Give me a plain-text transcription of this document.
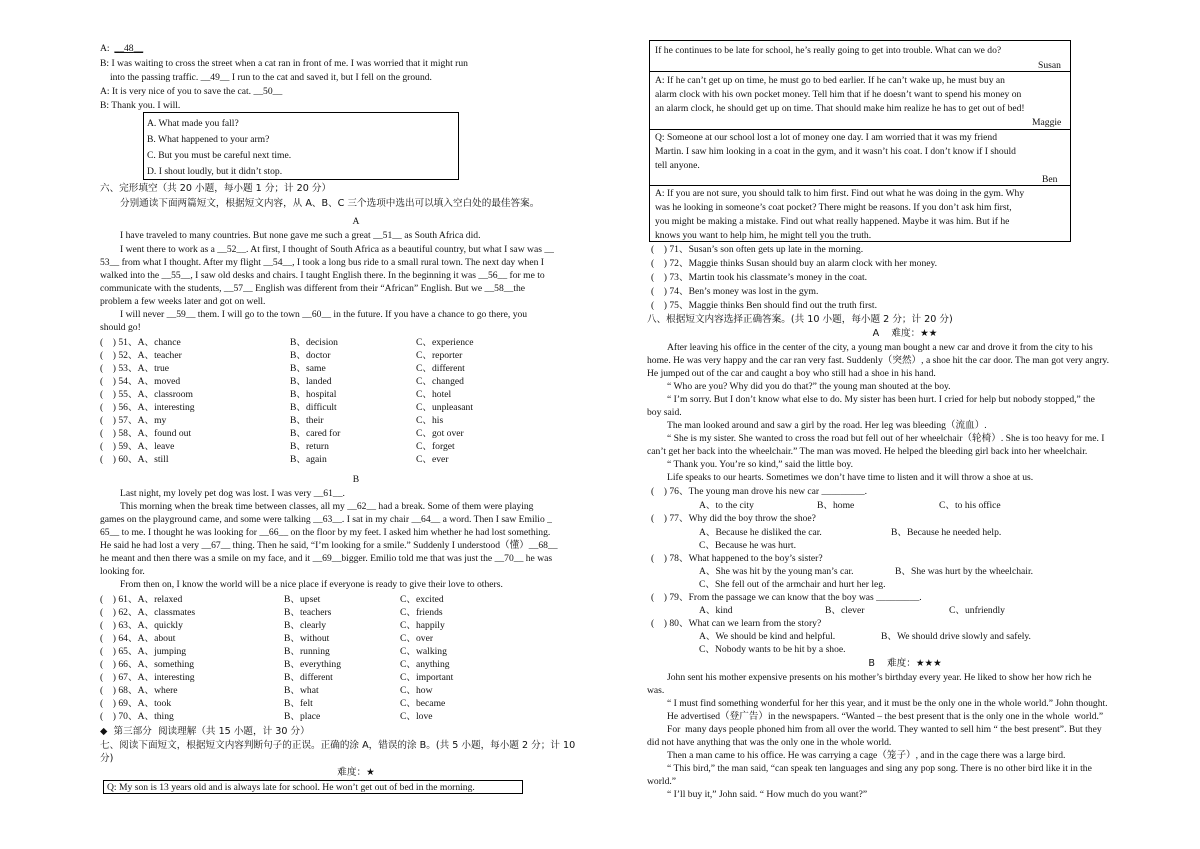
A:  __48__
B: I was waiting to cross the street when a cat ran in front of me. I was worried that it might run
into the passing traffic. __49__ I run to the cat and saved it, but I fell on the ground.
A: It is very nice of you to save the cat. __50__
B: Thank you. I will.
A. What made you fall?
B. What happened to your arm?
C. But you must be careful next time.
D. I shout loudly, but it didn’t stop.
六、完形填空（共 20 小题，每小题 1 分；计 20 分）
分别通读下面两篇短文，根据短文内容，从 A、B、C 三个选项中选出可以填入空白处的最佳答案。
A
I have traveled to many countries. But none gave me such a great __51__ as South Africa did.
I went there to work as a __52__. At first, I thought of South Africa as a beautiful country, but what I saw was __
53__ from what I thought. After my flight __54__, I took a long bus ride to a small rural town. The next day when I
walked into the __55__, I saw old desks and chairs. I taught English there. In the beginning it was __56__ for me to
communicate with the students, __57__ English was different from their “African” English. But we __58__the
problem a few weeks later and got on well.
I will never __59__ them. I will go to the town __60__ in the future. If you have a chance to go there, you
should go!

(    ) 51、A、chance	B、decision	C、experience

(    ) 52、A、teacher	B、doctor	C、reporter

(    ) 53、A、true	B、same	C、different

(    ) 54、A、moved	B、landed	C、changed

(    ) 55、A、classroom	B、hospital	C、hotel

(    ) 56、A、interesting	B、difficult	C、unpleasant

(    ) 57、A、my	B、their	C、his

(    ) 58、A、found out	B、cared for	C、got over

(    ) 59、A、leave	B、return	C、forget

(    ) 60、A、still	B、again	C、ever

B
Last night, my lovely pet dog was lost. I was very __61__.
This morning when the break time between classes, all my __62__ had a break. Some of them were playing
games on the playground came, and some were talking __63__. I sat in my chair __64__ a word. Then I saw Emilio _
65__ to me. I thought he was looking for __66__ on the floor by my feet. I asked him whether he had lost something.
He said he had lost a very __67__ thing. Then he said, “I’m looking for a smile.” Suddenly I understood（懂）__68__
he meant and then there was a smile on my face, and it __69__bigger. Emilio told me that was just the __70__ he was
looking for.
From then on, I know the world will be a nice place if everyone is ready to give their love to others.

(    ) 61、A、relaxed	B、upset	C、excited

(    ) 62、A、classmates	B、teachers	C、friends

(    ) 63、A、quickly	B、clearly	C、happily

(    ) 64、A、about	B、without	C、over

(    ) 65、A、jumping	B、running	C、walking

(    ) 66、A、something	B、everything	C、anything

(    ) 67、A、interesting	B、different	C、important

(    ) 68、A、where	B、what	C、how

(    ) 69、A、took	B、felt	C、became

(    ) 70、A、thing	B、place	C、love

◆  第三部分  阅读理解（共 15 小题，计 30 分）
七、阅读下面短文，根据短文内容判断句子的正误。正确的涂 A，错误的涂 B。(共 5 小题，每小题 2 分；计 10
分)
难度：★
Q: My son is 13 years old and is always late for school. He won’t get out of bed in the morning.
If he continues to be late for school, he’s really going to get into trouble. What can we do?
Susan
A: If he can’t get up on time, he must go to bed earlier. If he can’t wake up, he must buy an
alarm clock with his own pocket money. Tell him that if he doesn’t want to spend his money on
an alarm clock, he should get up on time. That should make him realize he has to get out of bed!
Maggie
Q: Someone at our school lost a lot of money one day. I am worried that it was my friend
Martin. I saw him looking in a coat in the gym, and it wasn’t his coat. I don’t know if I should
tell anyone.
Ben
A: If you are not sure, you should talk to him first. Find out what he was doing in the gym. Why
was he looking in someone’s coat pocket? There might be reasons. If you don’t ask him first,
you might be making a mistake. Find out what really happened. Maybe it was him. But if he
knows you want to help him, he might tell you the truth.
(    ) 71、Susan’s son often gets up late in the morning.
(    ) 72、Maggie thinks Susan should buy an alarm clock with her money.
(    ) 73、Martin took his classmate’s money in the coat.
(    ) 74、Ben’s money was lost in the gym.
(    ) 75、Maggie thinks Ben should find out the truth first.
八、根据短文内容选择正确答案。(共 10 小题，每小题 2 分；计 20 分)
A    难度：★★
After leaving his office in the center of the city, a young man bought a new car and drove it from the city to his
home. He was very happy and the car ran very fast. Suddenly（突然）, a shoe hit the car door. The man got very angry.
He jumped out of the car and caught a boy who still had a shoe in his hand.
“ Who are you? Why did you do that?” the young man shouted at the boy.
“ I’m sorry. But I don’t know what else to do. My sister has been hurt. I cried for help but nobody stopped,” the
boy said.
The man looked around and saw a girl by the road. Her leg was bleeding（流血）.
“ She is my sister. She wanted to cross the road but fell out of her wheelchair（轮椅）. She is too heavy for me. I
can’t get her back into the wheelchair.” The man was moved. He helped the bleeding girl back into her wheelchair.
“ Thank you. You’re so kind,” said the little boy.
Life speaks to our hearts. Sometimes we don’t have time to listen and it will throw a shoe at us.
(    ) 76、The young man drove his new car _________.
A、to the city	B、home	C、to his office
(    ) 77、Why did the boy throw the shoe?
A、Because he disliked the car.	B、Because he needed help.
C、Because he was hurt.
(    ) 78、What happened to the boy’s sister?
A、She was hit by the young man’s car.	B、She was hurt by the wheelchair.
C、She fell out of the armchair and hurt her leg.
(    ) 79、From the passage we can know that the boy was _________.
A、kind	B、clever	C、unfriendly
(    ) 80、What can we learn from the story?
A、We should be kind and helpful.	B、We should drive slowly and safely.
C、Nobody wants to be hit by a shoe.
B    难度：★★★
John sent his mother expensive presents on his mother’s birthday every year. He liked to show her how rich he
was.
“ I must find something wonderful for her this year, and it must be the only one in the whole world.” John thought.
He advertised（登广告）in the newspapers. “Wanted – the best present that is the only one in the whole  world.”
For  many days people phoned him from all over the world. They wanted to sell him “ the best present”. But they
did not have anything that was the only one in the whole world.
Then a man came to his office. He was carrying a cage（笼子）, and in the cage there was a large bird.
“ This bird,” the man said, “can speak ten languages and sing any pop song. There is no other bird like it in the
world.”
“ I’ll buy it,” John said. “ How much do you want?”
